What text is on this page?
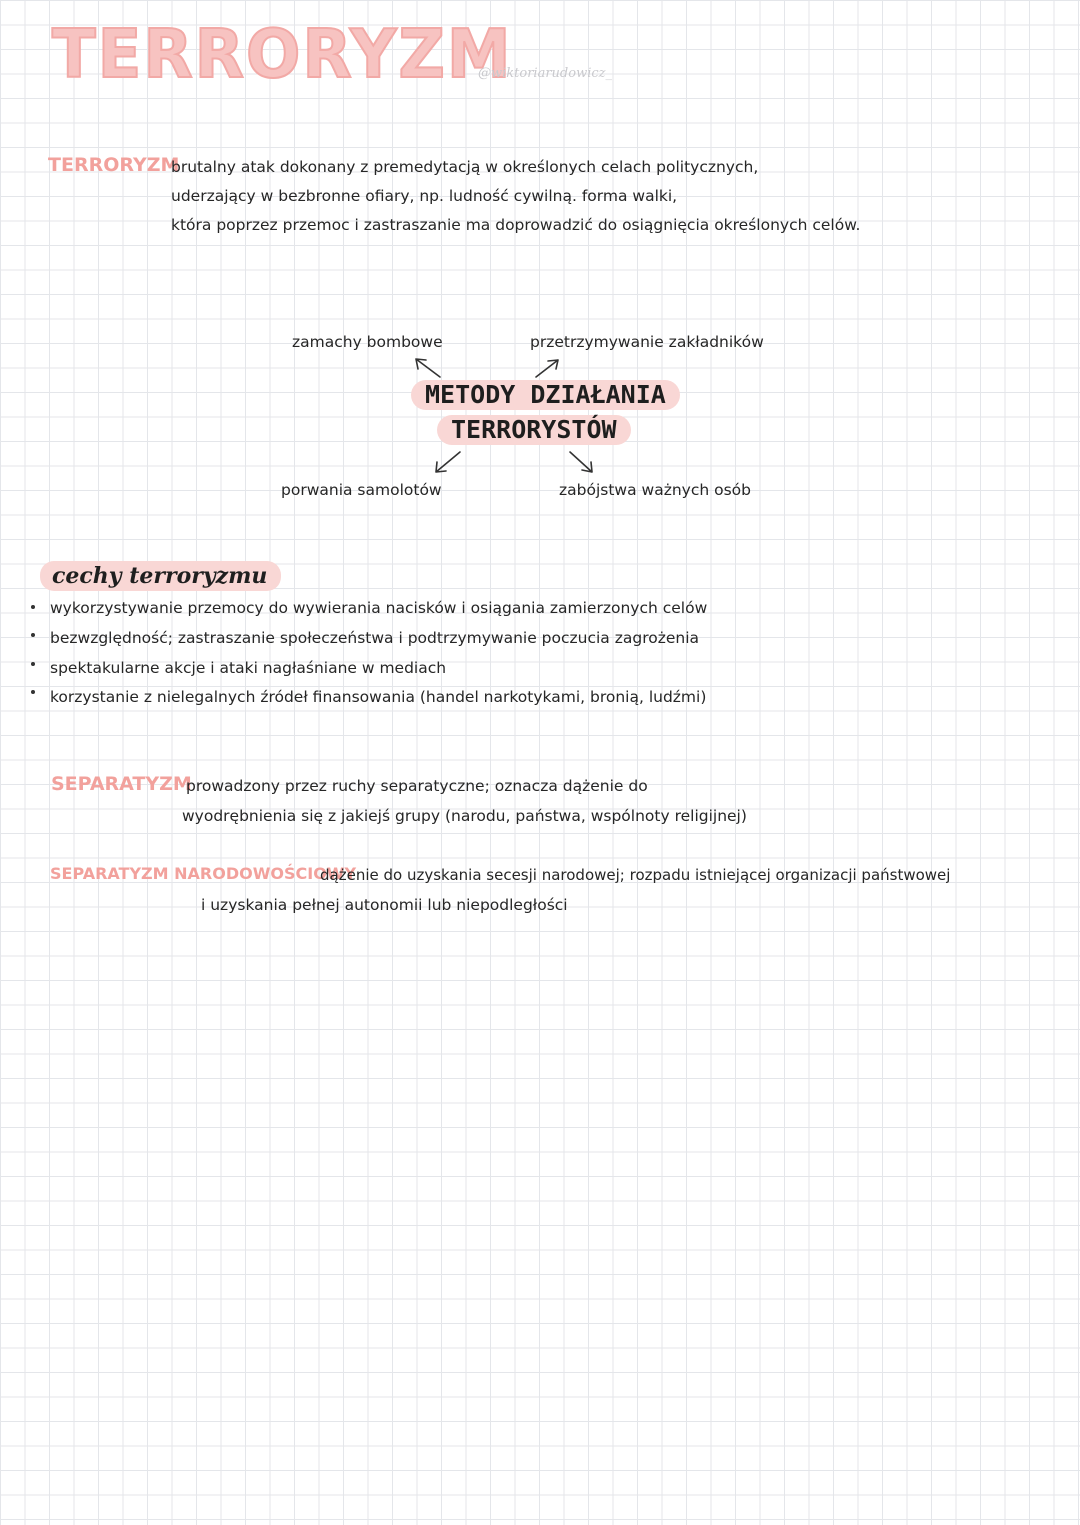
TERRORYZM
@wiktoriarudowicz_
TERRORYZM
brutalny atak dokonany z premedytacją w określonych celach politycznych,
uderzający w bezbronne ofiary, np. ludność cywilną. forma walki,
która poprzez przemoc i zastraszanie ma doprowadzić do osiągnięcia określonych celów.
zamachy bombowe	przetrzymywanie zakładników
METODY DZIAŁANIA
TERRORYSTÓW
porwania samolotów	zabójstwa ważnych osób
cechy terroryzmu
wykorzystywanie przemocy do wywierania nacisków i osiągania zamierzonych celów
bezwzględność; zastraszanie społeczeństwa i podtrzymywanie poczucia zagrożenia
spektakularne akcje i ataki nagłaśniane w mediach
korzystanie z nielegalnych źródeł finansowania (handel narkotykami, bronią, ludźmi)
SEPARATYZM
prowadzony przez ruchy separatyczne; oznacza dążenie do
wyodrębnienia się z jakiejś grupy (narodu, państwa, wspólnoty religijnej)
SEPARATYZM NARODOWOŚCIOWY
dążenie do uzyskania secesji narodowej; rozpadu istniejącej organizacji państwowej
i uzyskania pełnej autonomii lub niepodległości
